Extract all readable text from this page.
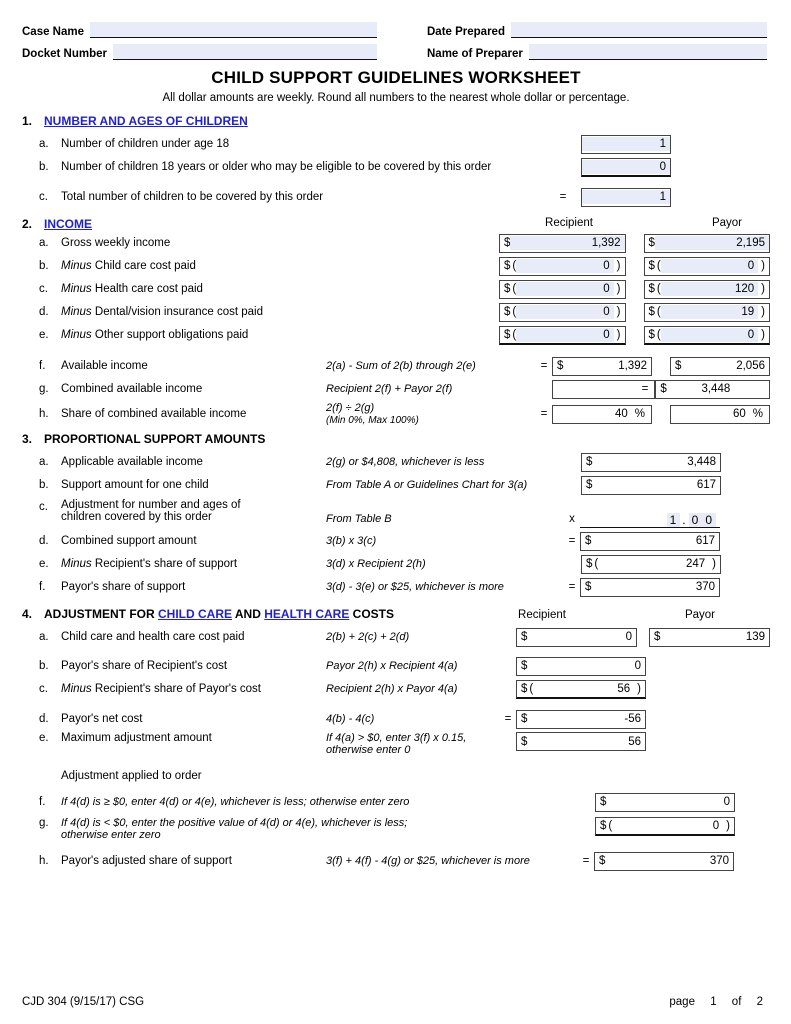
Case Name	Date Prepared
Docket Number	Name of Preparer
CHILD SUPPORT GUIDELINES WORKSHEET
All dollar amounts are weekly. Round all numbers to the nearest whole dollar or percentage.
1. NUMBER AND AGES OF CHILDREN
a.	Number of children under age 18	1
b.	Number of children 18 years or older who may be eligible to be covered by this order	0
c.	Total number of children to be covered by this order	=	1
2. INCOME	Recipient	Payor
a.	Gross weekly income	$	1,392	$	2,195
b.	Minus Child care cost paid	$ (	0 )	$ (	0 )
c.	Minus Health care cost paid	$ (	0 )	$ (	120 )
d.	Minus Dental/vision insurance cost paid	$ (	0 )	$ (	19 )
e.	Minus Other support obligations paid	$ (	0 )	$ (	0 )
f.	Available income	2(a) - Sum of 2(b) through 2(e)	= $	1,392	$	2,056
g.	Combined available income	Recipient 2(f) + Payor 2(f)	=	$	3,448
h.	Share of combined available income	2(f) ÷ 2(g)
(Min 0%, Max 100%)
=	40 %	60 %
3. PROPORTIONAL SUPPORT AMOUNTS
a.	Applicable available income	2(g) or $4,808, whichever is less	$	3,448
b.	Support amount for one child	From Table A or Guidelines Chart for 3(a)	$	617
c.	Adjustment for number and ages of
children covered by this order	From Table B	x	1 . 0 0
d.	Combined support amount	3(b) x 3(c)	= $	617
e.	Minus Recipient's share of support	3(d) x Recipient 2(h)	$ (	247 )
f.	Payor's share of support	3(d) - 3(e) or $25, whichever is more	= $	370
4. ADJUSTMENT FOR CHILD CARE AND HEALTH CARE COSTS	Recipient	Payor
a.	Child care and health care cost paid	2(b) + 2(c) + 2(d)	$	0	$	139
b.	Payor's share of Recipient's cost	Payor 2(h) x Recipient 4(a)	$	0
c.	Minus Recipient's share of Payor's cost	Recipient 2(h) x Payor 4(a)	$ (	56 )
d.	Payor's net cost	4(b) - 4(c)	= $	-56
e.	Maximum adjustment amount	If 4(a) > $0, enter 3(f) x 0.15,
otherwise enter 0
$	56
Adjustment applied to order
f.	If 4(d) is ≥ $0, enter 4(d) or 4(e), whichever is less; otherwise enter zero	$	0
g.	If 4(d) is < $0, enter the positive value of 4(d) or 4(e), whichever is less;
otherwise enter zero
$ (	0 )
h.	Payor's adjusted share of support	3(f) + 4(f) - 4(g) or $25, whichever is more	= $	370
CJD 304 (9/15/17) CSG	page 1 of 2
